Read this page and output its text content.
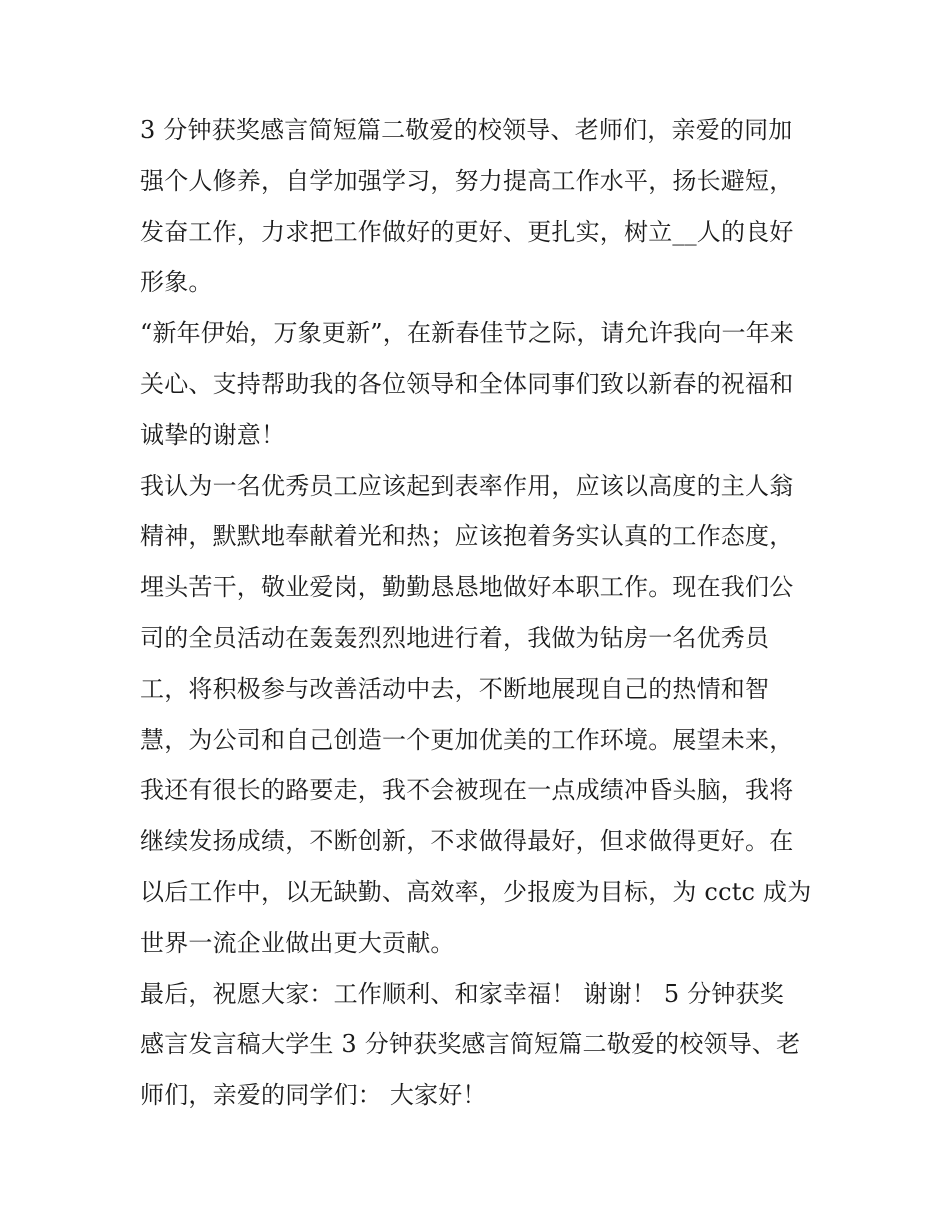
3 分钟获奖感言简短篇二敬爱的校领导、老师们，亲爱的同加
强个人修养，自学加强学习，努力提高工作水平，扬长避短，
发奋工作，力求把工作做好的更好、更扎实，树立__人的良好
形象。
“新年伊始，万象更新”，在新春佳节之际，请允许我向一年来
关心、支持帮助我的各位领导和全体同事们致以新春的祝福和
诚挚的谢意！
我认为一名优秀员工应该起到表率作用，应该以高度的主人翁
精神，默默地奉献着光和热；应该抱着务实认真的工作态度，
埋头苦干，敬业爱岗，勤勤恳恳地做好本职工作。现在我们公
司的全员活动在轰轰烈烈地进行着，我做为钻房一名优秀员
工，将积极参与改善活动中去，不断地展现自己的热情和智
慧，为公司和自己创造一个更加优美的工作环境。展望未来，
我还有很长的路要走，我不会被现在一点成绩冲昏头脑，我将
继续发扬成绩，不断创新，不求做得最好，但求做得更好。在
以后工作中，以无缺勤、高效率，少报废为目标，为 cctc 成为
世界一流企业做出更大贡献。
最后，祝愿大家：工作顺利、和家幸福！ 谢谢！ 5 分钟获奖
感言发言稿大学生 3 分钟获奖感言简短篇二敬爱的校领导、老
师们，亲爱的同学们： 大家好！
